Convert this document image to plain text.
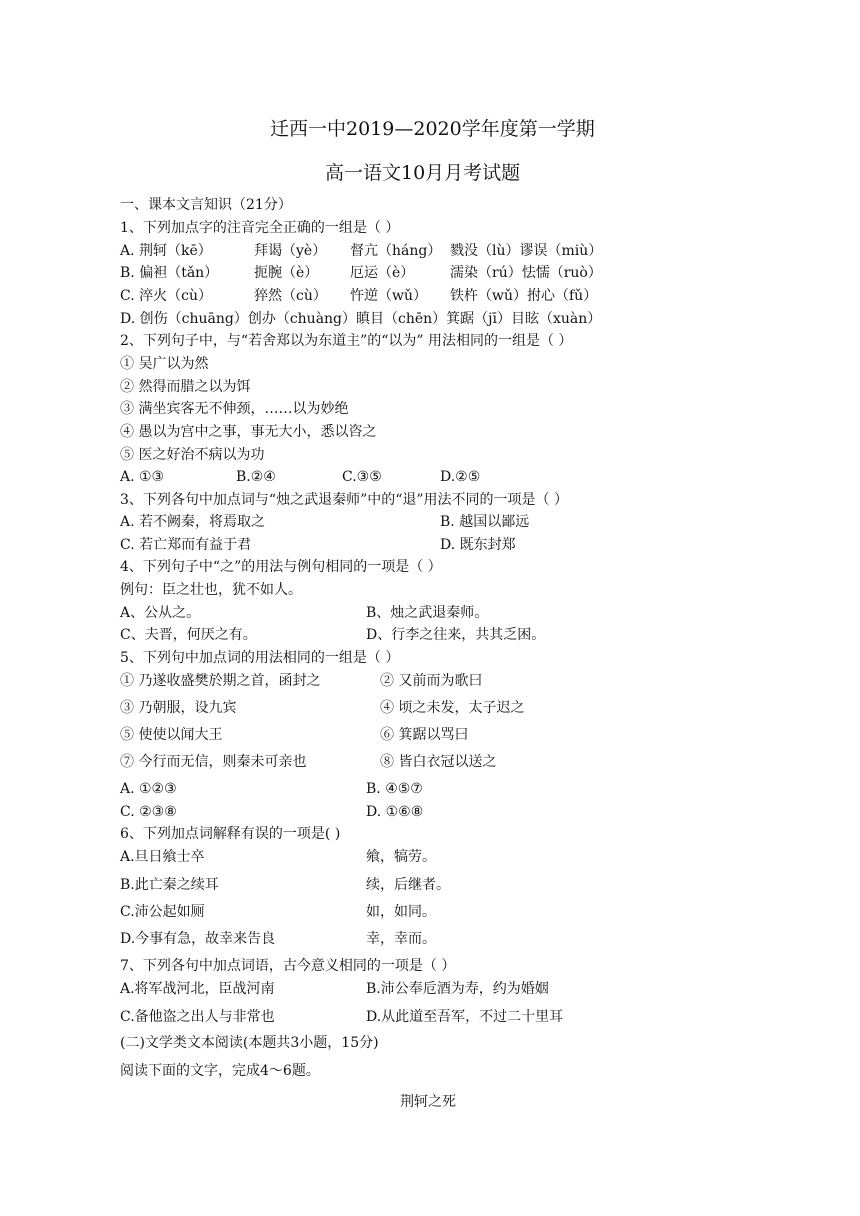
迁西一中2019—2020学年度第一学期
高一语文10月月考试题
一、课本文言知识（21分）
1、下列加点字的注音完全正确的一组是（ ）
A. 荆轲（kē）	拜谒（yè） 督亢（háng） 戮没（lù）谬误（miù）
B. 偏袒（tǎn）	扼腕（è） 厄运（è）	濡染（rú）怯懦（ruò）
C. 淬火（cù）	猝然（cù） 忤逆（wǔ） 铁杵（wǔ）拊心（fǔ）
D. 创伤（chuāng）创办（chuàng）瞋目（chēn）箕踞（jī）目眩（xuàn）
2、下列句子中，与“若舍郑以为东道主”的“以为” 用法相同的一组是（ ）
① 吴广以为然
② 然得而腊之以为饵
③ 满坐宾客无不伸颈，……以为妙绝
④ 愚以为宫中之事，事无大小，悉以咨之
⑤ 医之好治不病以为功
A. ①③	B.②④	C.③⑤	D.②⑤
3、下列各句中加点词与“烛之武退秦师”中的“退”用法不同的一项是（ ）
A. 若不阙秦，将焉取之	B. 越国以鄙远
C. 若亡郑而有益于君	D. 既东封郑
4、下列句子中“之”的用法与例句相同的一项是（ ）
例句：臣之壮也，犹不如人。
A、公从之。	B、烛之武退秦师。
C、夫晋，何厌之有。	D、行李之往来，共其乏困。
5、下列句中加点词的用法相同的一组是（ ）
① 乃遂收盛樊於期之首，函封之	② 又前而为歌曰
③ 乃朝服，设九宾	④ 顷之未发，太子迟之
⑤ 使使以闻大王	⑥ 箕踞以骂曰
⑦ 今行而无信，则秦未可亲也	⑧ 皆白衣冠以送之
A. ①②③	B. ④⑤⑦
C. ②③⑧	D. ①⑥⑧
6、下列加点词解释有误的一项是( )
A.旦日飨士卒	飨，犒劳。
B.此亡秦之续耳	续，后继者。
C.沛公起如厕	如，如同。
D.今事有急，故幸来告良	幸，幸而。
7、下列各句中加点词语，古今意义相同的一项是（ ）
A.将军战河北，臣战河南	B.沛公奉卮酒为寿，约为婚姻
C.备他盗之出人与非常也	D.从此道至吾军，不过二十里耳
(二)文学类文本阅读(本题共3小题，15分)
阅读下面的文字，完成4～6题。
荆轲之死
